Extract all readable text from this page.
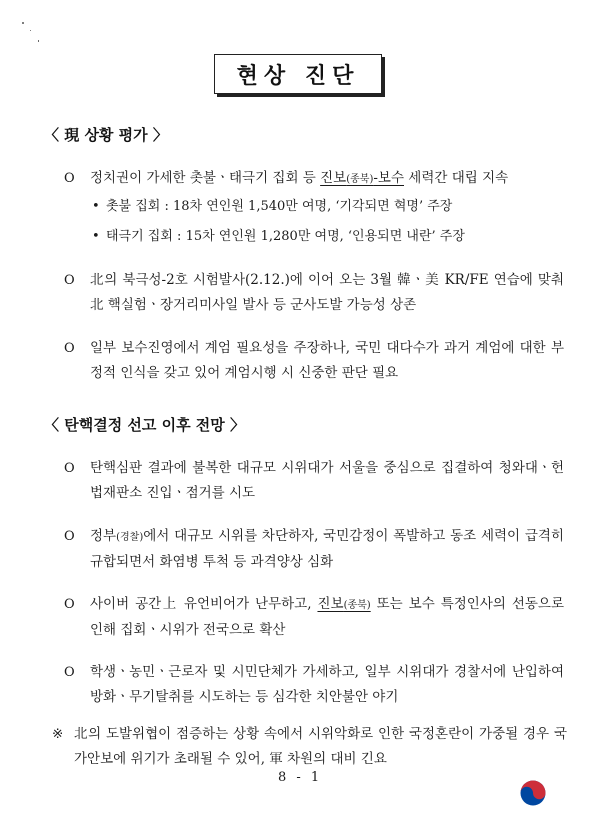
현상 진단
〈 現 상황 평가 〉
O	정치권이 가세한 촛불ㆍ태극기 집회 등 진보(종북)-보수 세력간 대립 지속
• 촛불 집회 : 18차 연인원 1,540만 여명, ‘기각되면 혁명’ 주장
• 태극기 집회 : 15차 연인원 1,280만 여명, ‘인용되면 내란’ 주장
O	北의 북극성-2호 시험발사(2.12.)에 이어 오는 3월 韓ㆍ美 KR/FE 연습에 맞춰 北 핵실험ㆍ장거리미사일 발사 등 군사도발 가능성 상존
O	일부 보수진영에서 계엄 필요성을 주장하나, 국민 대다수가 과거 계엄에 대한 부정적 인식을 갖고 있어 계엄시행 시 신중한 판단 필요
〈 탄핵결정 선고 이후 전망 〉
O	탄핵심판 결과에 불복한 대규모 시위대가 서울을 중심으로 집결하여 청와대ㆍ헌법재판소 진입ㆍ점거를 시도
O	정부(경찰)에서 대규모 시위를 차단하자, 국민감정이 폭발하고 동조 세력이 급격히 규합되면서 화염병 투척 등 과격양상 심화
O	사이버 공간上 유언비어가 난무하고, 진보(종북) 또는 보수 특정인사의 선동으로 인해 집회ㆍ시위가 전국으로 확산
O	학생ㆍ농민ㆍ근로자 및 시민단체가 가세하고, 일부 시위대가 경찰서에 난입하여 방화ㆍ무기탈취를 시도하는 등 심각한 치안불안 야기
※ 北의 도발위협이 점증하는 상황 속에서 시위악화로 인한 국정혼란이 가중될 경우 국가안보에 위기가 초래될 수 있어, 軍 차원의 대비 긴요
8 - 1
